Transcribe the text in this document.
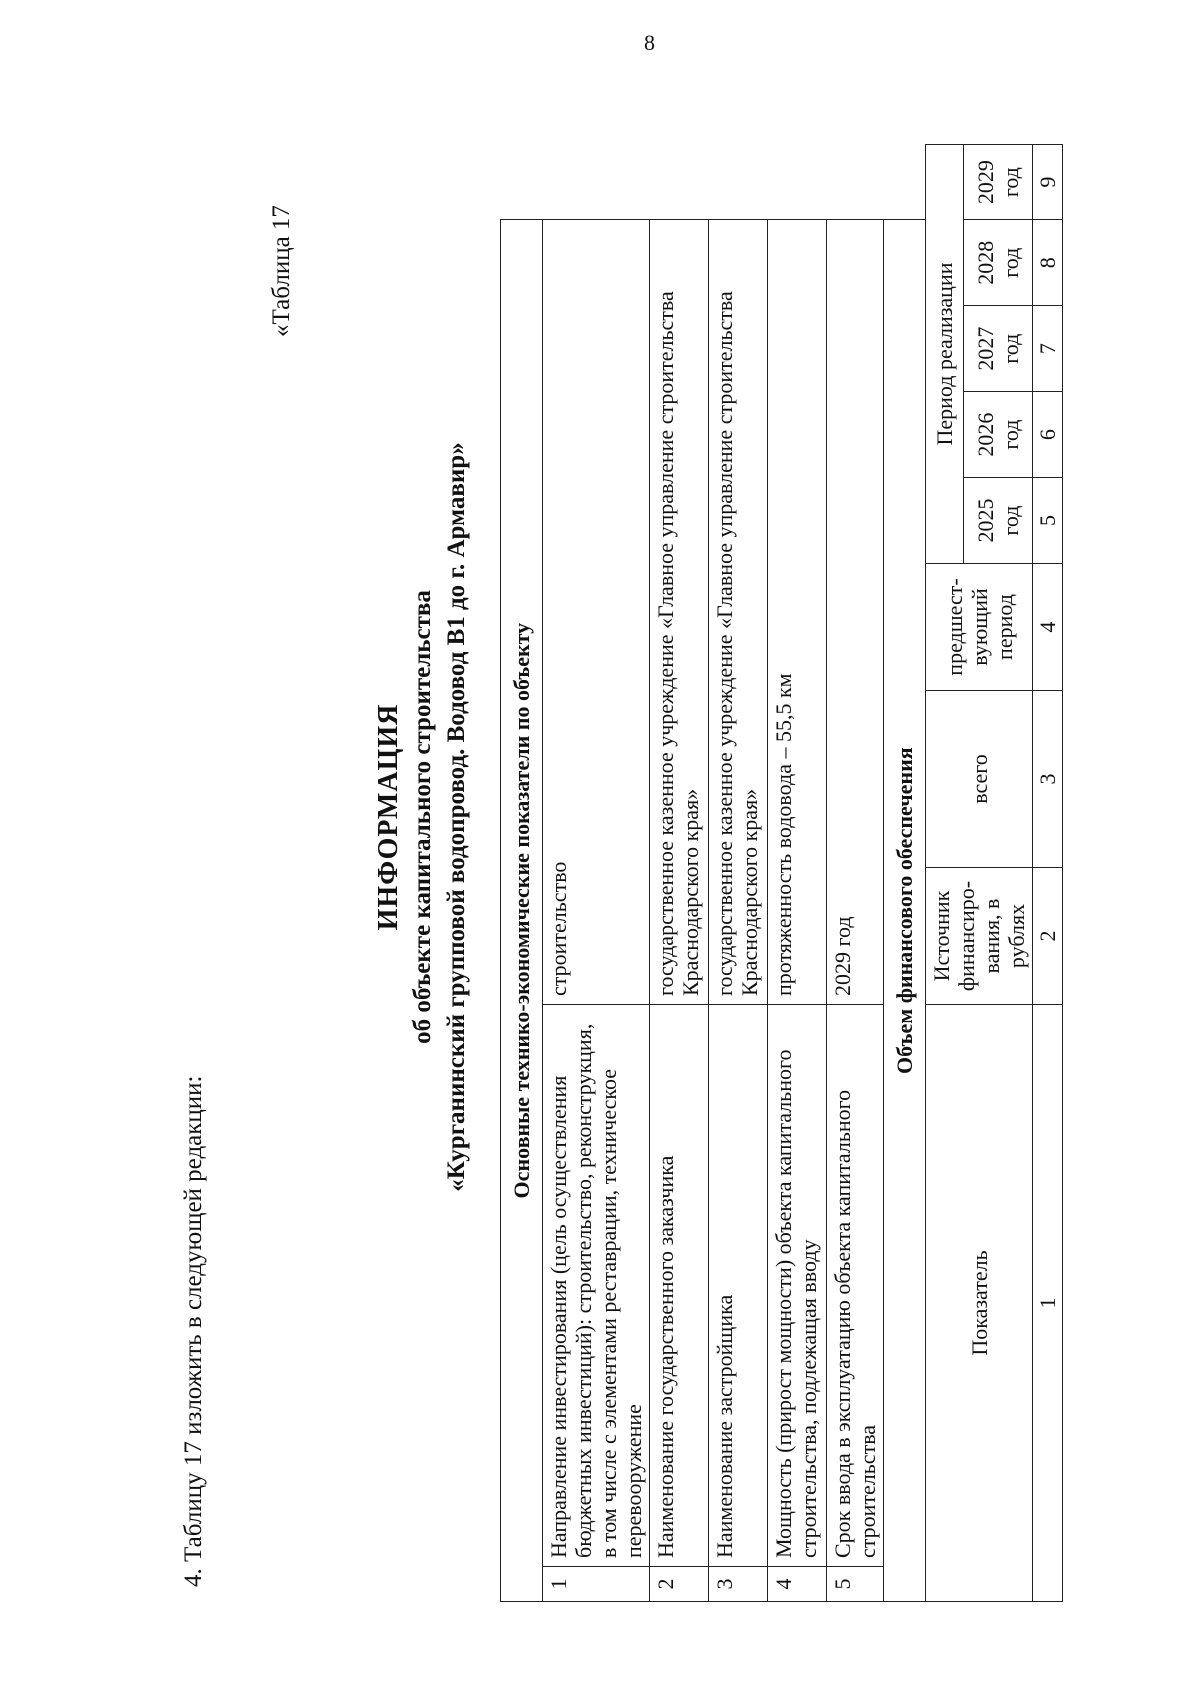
8
4. Таблицу 17 изложить в следующей редакции:
«Таблица 17
ИНФОРМАЦИЯ об объекте капитального строительства «Курганинский групповой водопровод. Водовод В1 до г. Армавир» Основные технико-экономические показатели по объекту									
1	Направление инвестирования (цель осуществления бюджетных инвестиций): строительство, реконструкция, в том числе с элементами реставрации, техническое перевооружение	строительство							
2	Наименование государственного заказчика	государственное казенное учреждение «Главное управление строительства Краснодарского края»							
3	Наименование застройщика	государственное казенное учреждение «Главное управление строительства Краснодарского края»							
4	Мощность (прирост мощности) объекта капитального строительства, подлежащая вводу	протяженность водовода – 55,5 км							
5	Срок ввода в эксплуатацию объекта капитального строительства	2029 год							
Объем финансового обеспечения									
Показатель		Источник финансиро-вания, в рублях	всего	предшест-вующий период	Период реализации				
					2025 год	2026 год	2027 год	2028 год	2029 год
1		2	3	4	5	6	7	8	9
